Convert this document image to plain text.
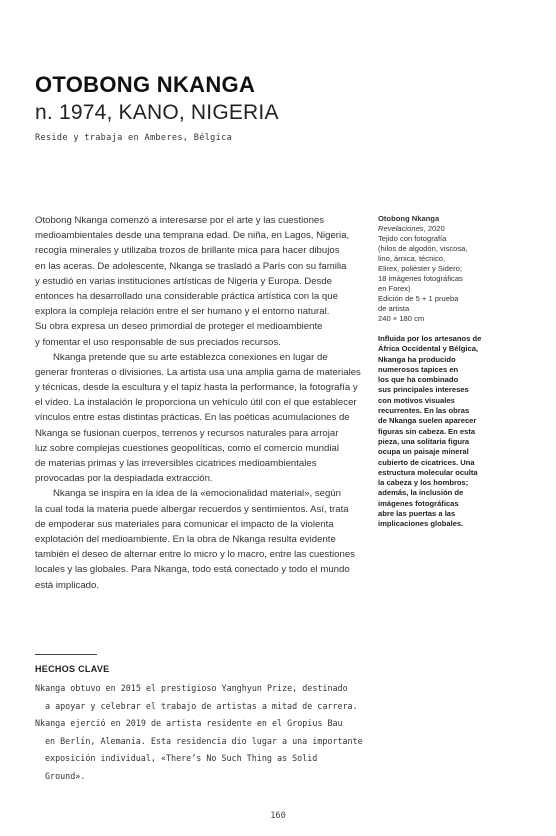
OTOBONG NKANGA
n. 1974, KANO, NIGERIA
Reside y trabaja en Amberes, Bélgica
Otobong Nkanga comenzó a interesarse por el arte y las cuestiones
medioambientales desde una temprana edad. De niña, en Lagos, Nigeria,
recogía minerales y utilizaba trozos de brillante mica para hacer dibujos
en las aceras. De adolescente, Nkanga se trasladó a París con su familia
y estudió en varias instituciones artísticas de Nigeria y Europa. Desde
entonces ha desarrollado una considerable práctica artística con la que
explora la compleja relación entre el ser humano y el entorno natural.
Su obra expresa un deseo primordial de proteger el medioambiente
y fomentar el uso responsable de sus preciados recursos.
Nkanga pretende que su arte establezca conexiones en lugar de
generar fronteras o divisiones. La artista usa una amplia gama de materiales
y técnicas, desde la escultura y el tapiz hasta la performance, la fotografía y
el vídeo. La instalación le proporciona un vehículo útil con el que establecer
vínculos entre estas distintas prácticas. En las poéticas acumulaciones de
Nkanga se fusionan cuerpos, terrenos y recursos naturales para arrojar
luz sobre complejas cuestiones geopolíticas, como el comercio mundial
de materias primas y las irreversibles cicatrices medioambientales
provocadas por la despiadada extracción.
Nkanga se inspira en la idea de la «emocionalidad material», según
la cual toda la materia puede albergar recuerdos y sentimientos. Así, trata
de empoderar sus materiales para comunicar el impacto de la violenta
explotación del medioambiente. En la obra de Nkanga resulta evidente
también el deseo de alternar entre lo micro y lo macro, entre las cuestiones
locales y las globales. Para Nkanga, todo está conectado y todo el mundo
está implicado.
Otobong Nkanga
Revelaciones, 2020
Tejido con fotografía
(hilos de algodón, viscosa,
lino, árnica, técnico,
Elirex, poliéster y Sidero;
18 imágenes fotográficas
en Forex)
Edición de 5 + 1 prueba
de artista
240 × 180 cm
Influida por los artesanos de
África Occidental y Bélgica,
Nkanga ha producido
numerosos tapices en
los que ha combinado
sus principales intereses
con motivos visuales
recurrentes. En las obras
de Nkanga suelen aparecer
figuras sin cabeza. En esta
pieza, una solitaria figura
ocupa un paisaje mineral
cubierto de cicatrices. Una
estructura molecular oculta
la cabeza y los hombros;
además, la inclusión de
imágenes fotográficas
abre las puertas a las
implicaciones globales.
HECHOS CLAVE
Nkanga obtuvo en 2015 el prestigioso Yanghyun Prize, destinado
a apoyar y celebrar el trabajo de artistas a mitad de carrera.
Nkanga ejerció en 2019 de artista residente en el Gropius Bau
en Berlín, Alemania. Esta residencia dio lugar a una importante
exposición individual, «There’s No Such Thing as Solid
Ground».
160
